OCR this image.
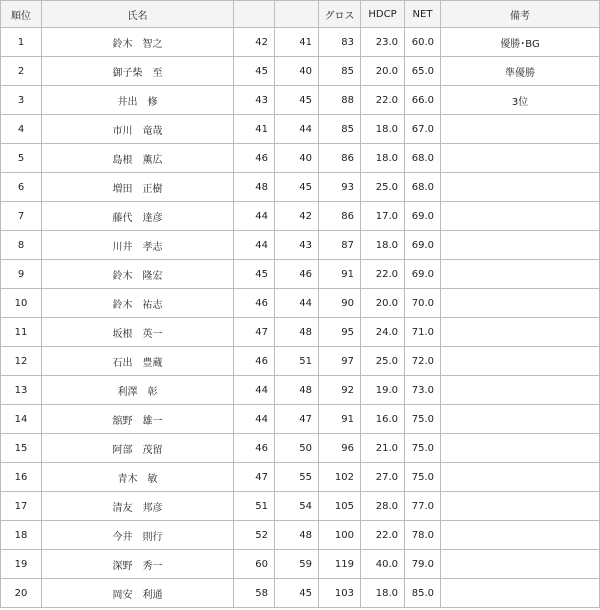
順位	氏名			グロス	HDCP	NET	備考
1	鈴木　智之	42	41	83	23.0	60.0	優勝･BG
2	御子柴　至	45	40	85	20.0	65.0	準優勝
3	井出　修	43	45	88	22.0	66.0	3位
4	市川　竜哉	41	44	85	18.0	67.0	
5	島根　薫広	46	40	86	18.0	68.0	
6	増田　正樹	48	45	93	25.0	68.0	
7	藤代　達彦	44	42	86	17.0	69.0	
8	川井　孝志	44	43	87	18.0	69.0	
9	鈴木　隆宏	45	46	91	22.0	69.0	
10	鈴木　祐志	46	44	90	20.0	70.0	
11	坂根　英一	47	48	95	24.0	71.0	
12	石出　豊蔵	46	51	97	25.0	72.0	
13	利澤　彰	44	48	92	19.0	73.0	
14	舘野　雄一	44	47	91	16.0	75.0	
15	阿部　茂留	46	50	96	21.0	75.0	
16	青木　敏	47	55	102	27.0	75.0	
17	清友　邦彦	51	54	105	28.0	77.0	
18	今井　則行	52	48	100	22.0	78.0	
19	深野　秀一	60	59	119	40.0	79.0	
20	岡安　利通	58	45	103	18.0	85.0	
